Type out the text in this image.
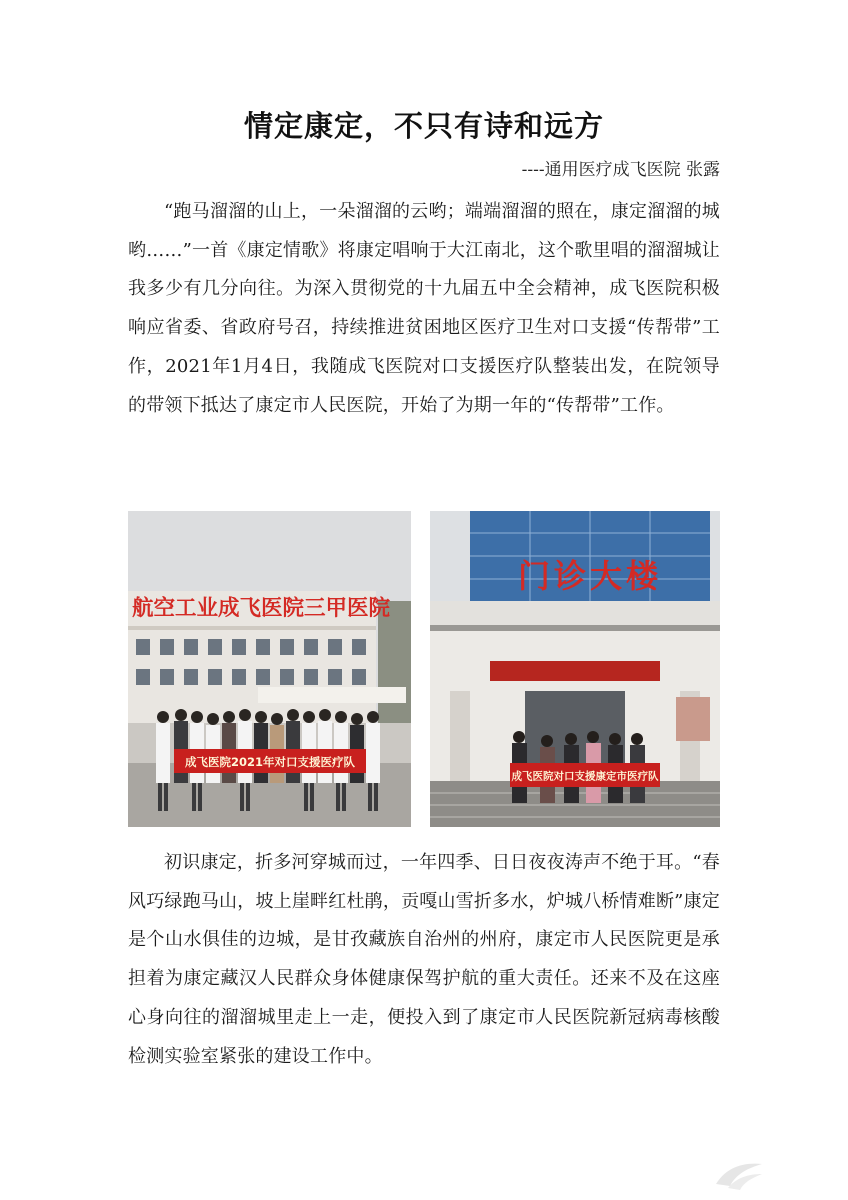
情定康定，不只有诗和远方
----通用医疗成飞医院 张露

“跑马溜溜的山上，一朵溜溜的云哟；端端溜溜的照在，康定溜溜的城哟……”一首《康定情歌》将康定唱响于大江南北，这个歌里唱的溜溜城让我多少有几分向往。为深入贯彻党的十九届五中全会精神，成飞医院积极响应省委、省政府号召，持续推进贫困地区医疗卫生对口支援“传帮带”工作，2021年1月4日，我随成飞医院对口支援医疗队整装出发，在院领导的带领下抵达了康定市人民医院，开始了为期一年的“传帮带”工作。

成飞医院2021年对口支援医疗队
航空工业成飞医院三甲医院
门诊大楼
成飞医院对口支援康定市医疗队

初识康定，折多河穿城而过，一年四季、日日夜夜涛声不绝于耳。“春风巧绿跑马山，坡上崖畔红杜鹃，贡嘎山雪折多水，炉城八桥情难断”康定是个山水俱佳的边城，是甘孜藏族自治州的州府，康定市人民医院更是承担着为康定藏汉人民群众身体健康保驾护航的重大责任。还来不及在这座心身向往的溜溜城里走上一走，便投入到了康定市人民医院新冠病毒核酸检测实验室紧张的建设工作中。
